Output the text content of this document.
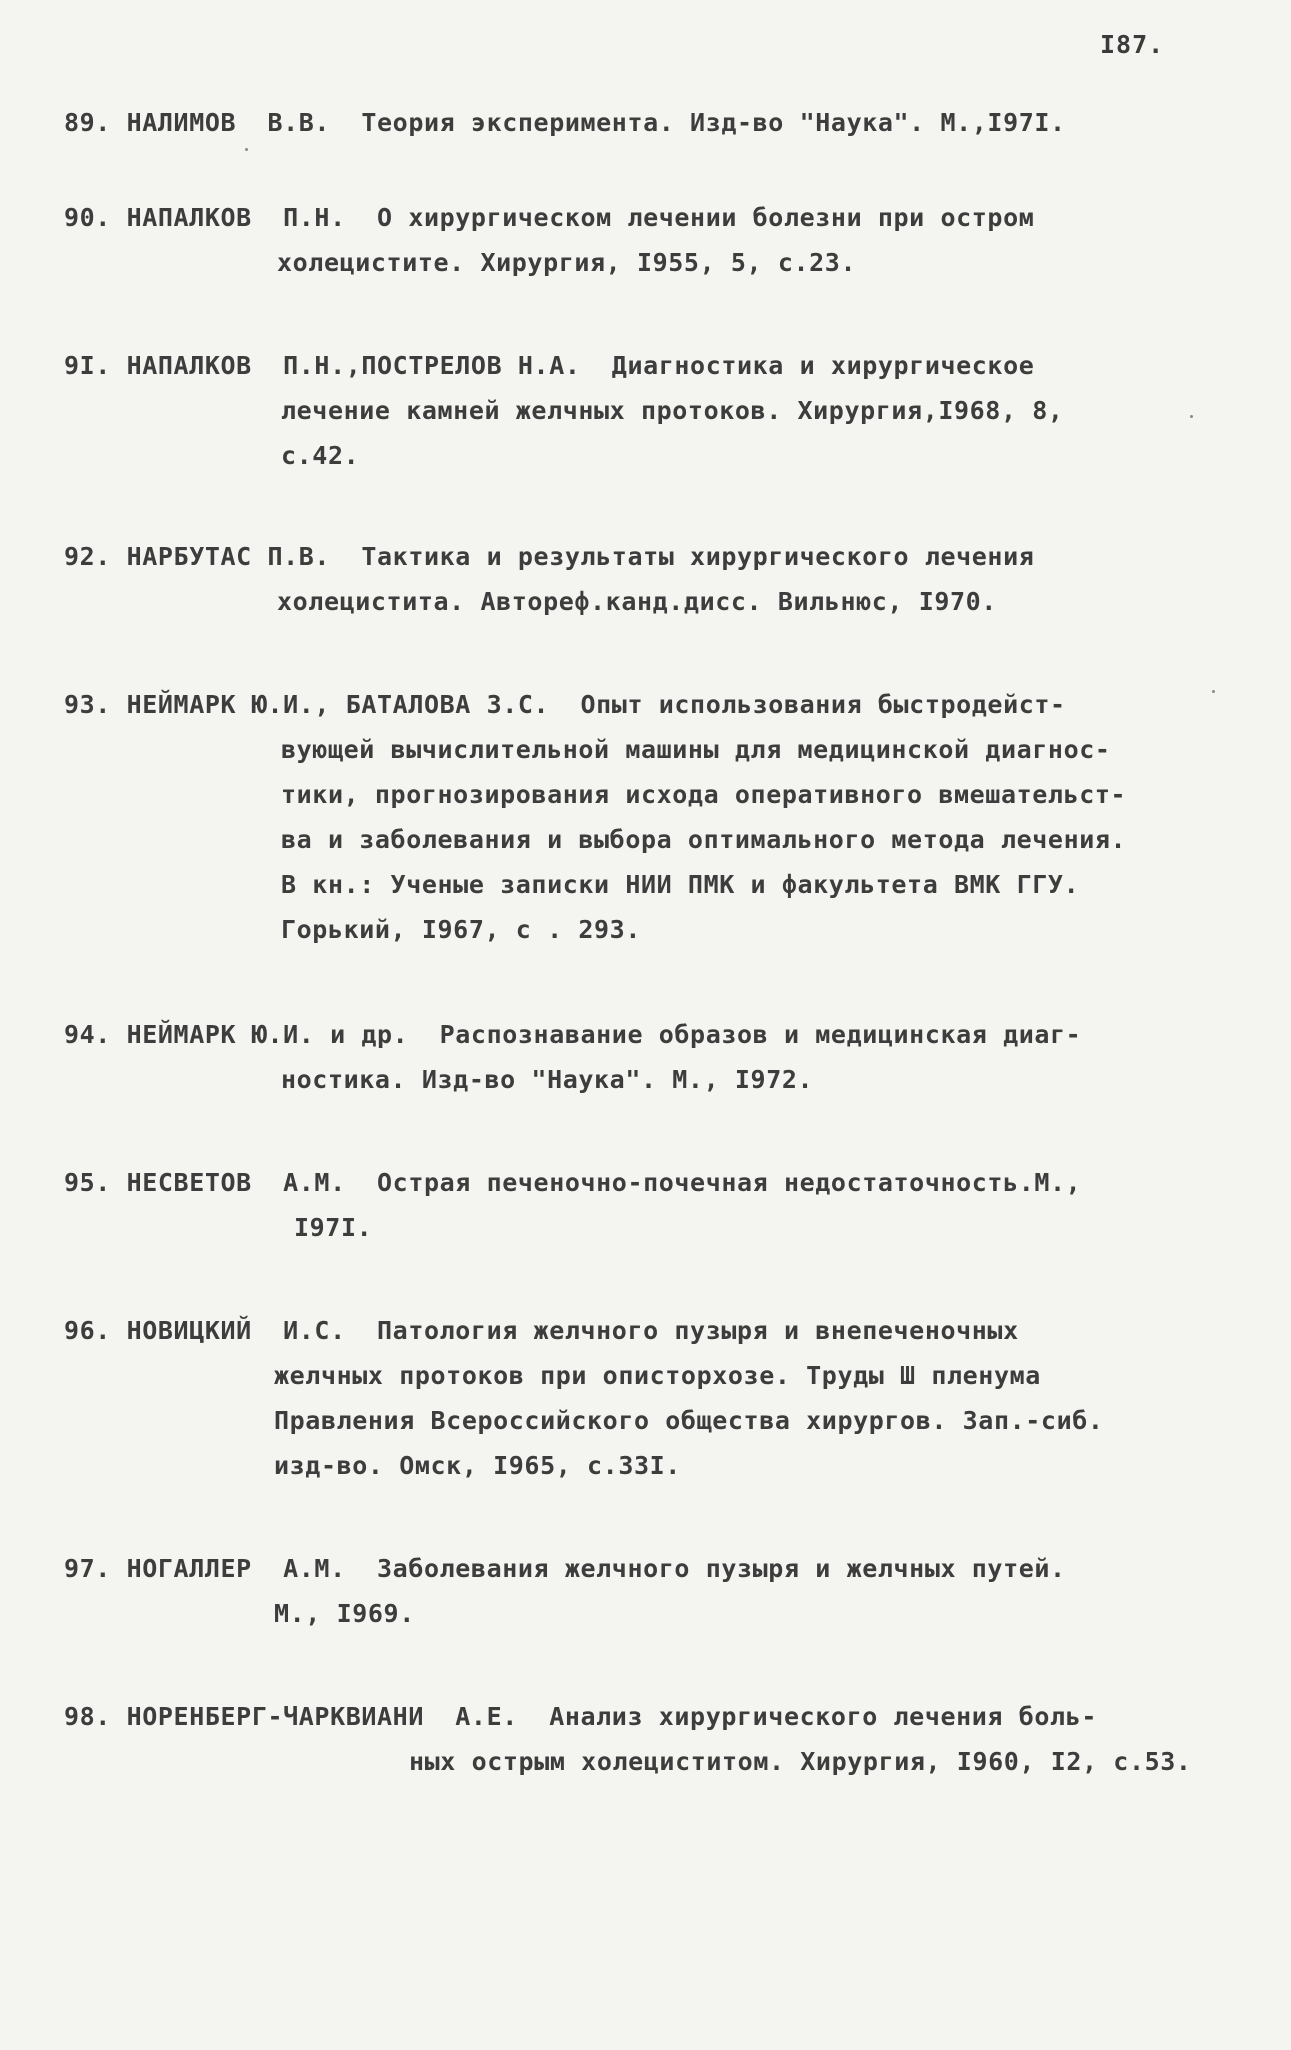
I87.
89. НАЛИМОВ  В.В.  Теория эксперимента. Изд-во "Наука". М.,I97I.
90. НАПАЛКОВ  П.Н.  О хирургическом лечении болезни при остром
холецистите. Хирургия, I955, 5, с.23.
9I. НАПАЛКОВ  П.Н.,ПОСТРЕЛОВ Н.А.  Диагностика и хирургическое
лечение камней желчных протоков. Хирургия,I968, 8,
с.42.
92. НАРБУТАС П.В.  Тактика и результаты хирургического лечения
холецистита. Автореф.канд.дисс. Вильнюс, I970.
93. НЕЙМАРК Ю.И., БАТАЛОВА З.С.  Опыт использования быстродейст-
вующей вычислительной машины для медицинской диагнос-
тики, прогнозирования исхода оперативного вмешательст-
ва и заболевания и выбора оптимального метода лечения.
В кн.: Ученые записки НИИ ПМК и факультета ВМК ГГУ.
Горький, I967, с . 293.
94. НЕЙМАРК Ю.И. и др.  Распознавание образов и медицинская диаг-
ностика. Изд-во "Наука". М., I972.
95. НЕСВЕТОВ  А.М.  Острая печеночно-почечная недостаточность.М.,
I97I.
96. НОВИЦКИЙ  И.С.  Патология желчного пузыря и внепеченочных
желчных протоков при описторхозе. Труды Ш пленума
Правления Всероссийского общества хирургов. Зап.-сиб.
изд-во. Омск, I965, с.33I.
97. НОГАЛЛЕР  А.М.  Заболевания желчного пузыря и желчных путей.
М., I969.
98. НОРЕНБЕРГ-ЧАРКВИАНИ  А.Е.  Анализ хирургического лечения боль-
ных острым холециститом. Хирургия, I960, I2, с.53.
